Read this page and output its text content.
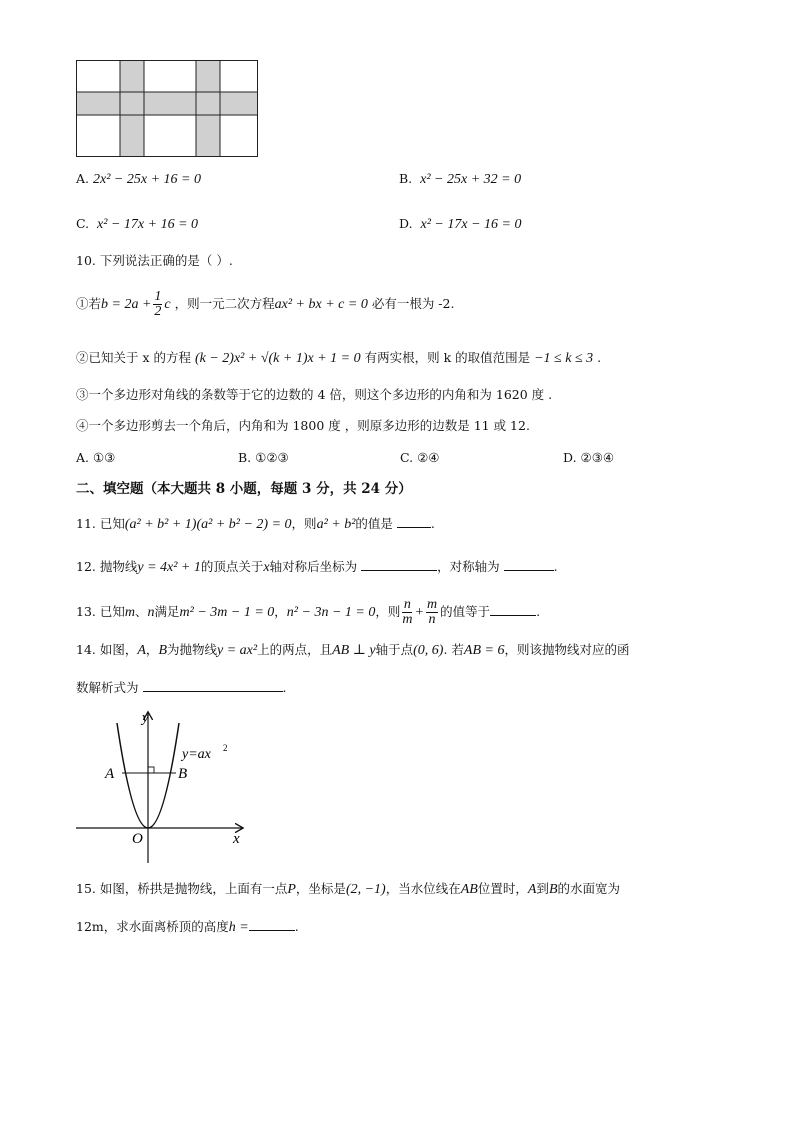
A. 2x² − 25x + 16 = 0	B. x² − 25x + 32 = 0
C. x² − 17x + 16 = 0	D. x² − 17x − 16 = 0
10. 下列说法正确的是（ ）.
①若$b = 2a + \frac{1}{2}$ c ，则一元二次方程ax² + bx + c = 0 必有一根为 -2.
②已知关于 x 的方程 (k − 2)x² + √(k + 1)x + 1 = 0 有两实根，则 k 的取值范围是 −1 ≤ k ≤ 3 .
③一个多边形对角线的条数等于它的边数的 4 倍，则这个多边形的内角和为 1620 度 .
④一个多边形剪去一个角后，内角和为 1800 度 ，则原多边形的边数是 11 或 12.
A. ①③	B. ①②③	C. ②④	D. ②③④
二、填空题（本大题共 8 小题，每题 3 分，共 24 分）
11. 已知(a² + b² + 1)(a² + b² − 2) = 0，则a² + b²的值是	.
12. 抛物线y = 4x² + 1的顶点关于x轴对称后坐标为	，对称轴为	.
13. 已知m、n满足m² − 3m − 1 = 0，n² − 3n − 1 = 0，则 $\frac{n}{m} + \frac{m}{n}$ 的值等于	.
14. 如图，A，B为抛物线y = ax²上的两点，且AB ⊥ y轴于点(0, 6). 若AB = 6，则该抛物线对应的函
数解析式为	.
y
x
O
A	B
y=ax 2
15. 如图，桥拱是抛物线，上面有一点P，坐标是(2, −1)，当水位线在AB位置时，A到B的水面宽为
12m，求水面离桥顶的高度h =	.
